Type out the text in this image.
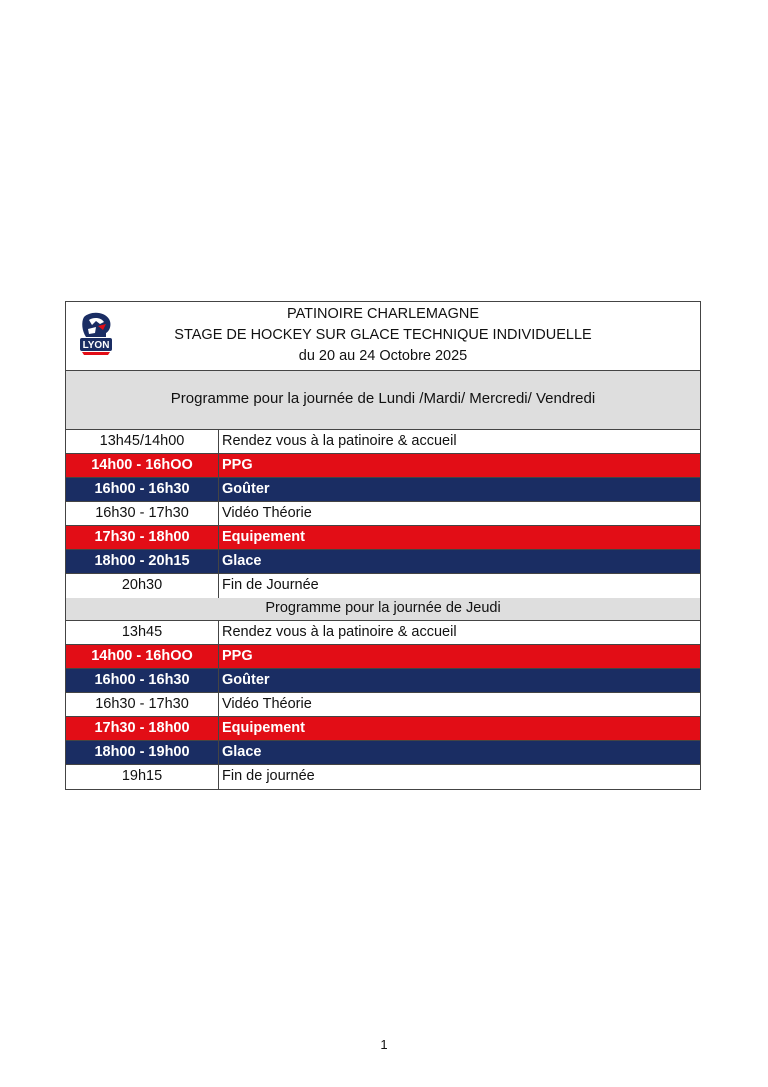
LYON
PATINOIRE CHARLEMAGNE
STAGE DE HOCKEY SUR GLACE TECHNIQUE INDIVIDUELLE
du 20 au 24 Octobre 2025
Programme pour la journée de Lundi /Mardi/ Mercredi/ Vendredi
13h45/14h00	Rendez vous à la patinoire & accueil
14h00 - 16hOO	PPG
16h00 - 16h30	Goûter
16h30 - 17h30	Vidéo Théorie
17h30 - 18h00	Equipement
18h00 - 20h15	Glace
20h30	Fin de Journée
Programme pour la journée de Jeudi
13h45	Rendez vous à la patinoire & accueil
14h00 - 16hOO	PPG
16h00 - 16h30	Goûter
16h30 - 17h30	Vidéo Théorie
17h30 - 18h00	Equipement
18h00 - 19h00	Glace
19h15	Fin de journée
1
